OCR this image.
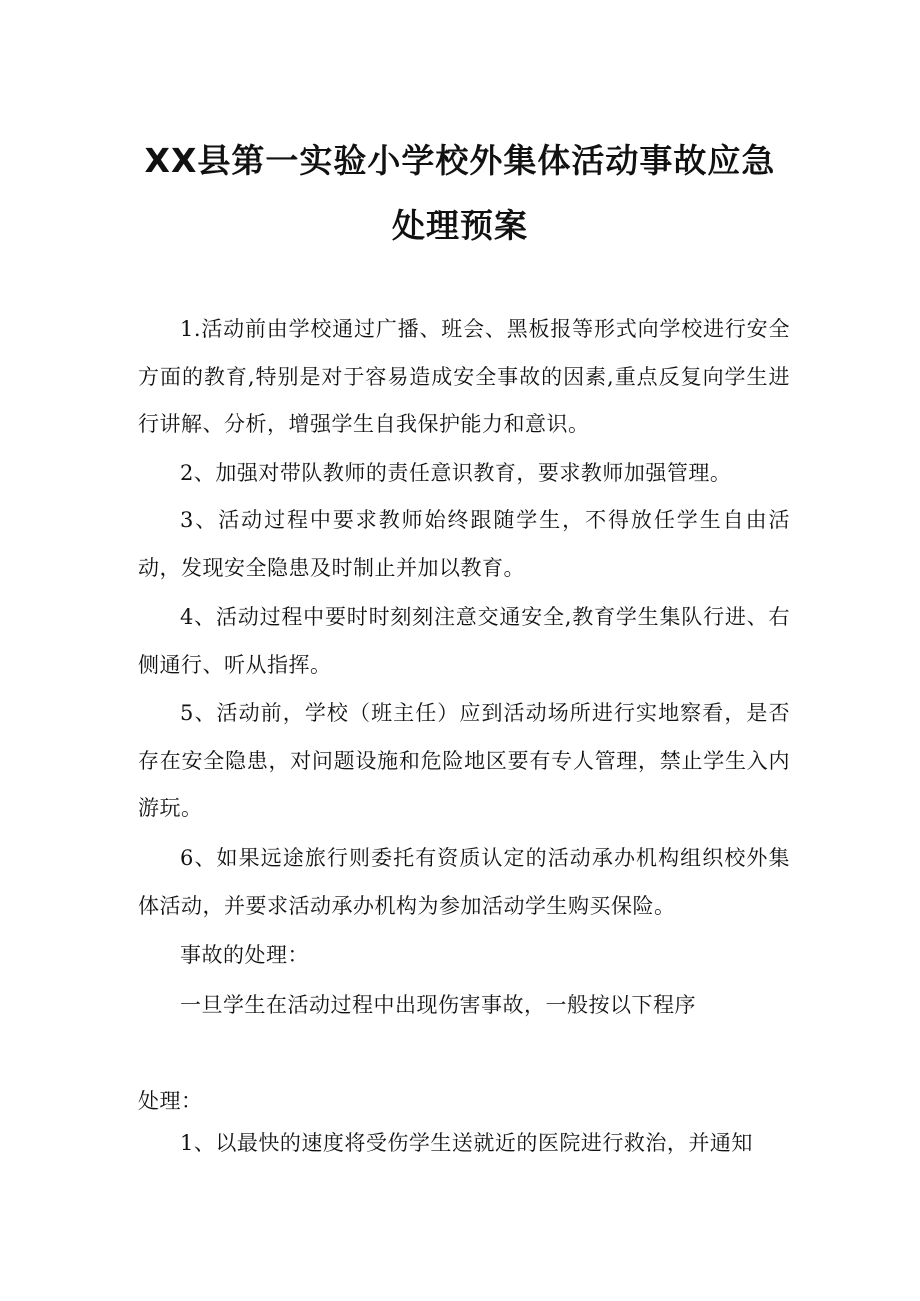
XX县第一实验小学校外集体活动事故应急
处理预案

1.活动前由学校通过广播、班会、黑板报等形式向学校进行安全方面的教育,特别是对于容易造成安全事故的因素,重点反复向学生进行讲解、分析，增强学生自我保护能力和意识。

2、加强对带队教师的责任意识教育，要求教师加强管理。

3、活动过程中要求教师始终跟随学生，不得放任学生自由活动，发现安全隐患及时制止并加以教育。

4、活动过程中要时时刻刻注意交通安全,教育学生集队行进、右侧通行、听从指挥。

5、活动前，学校（班主任）应到活动场所进行实地察看，是否存在安全隐患，对问题设施和危险地区要有专人管理，禁止学生入内游玩。

6、如果远途旅行则委托有资质认定的活动承办机构组织校外集体活动，并要求活动承办机构为参加活动学生购买保险。

事故的处理：

一旦学生在活动过程中出现伤害事故，一般按以下程序

处理：

1、以最快的速度将受伤学生送就近的医院进行救治，并通知
